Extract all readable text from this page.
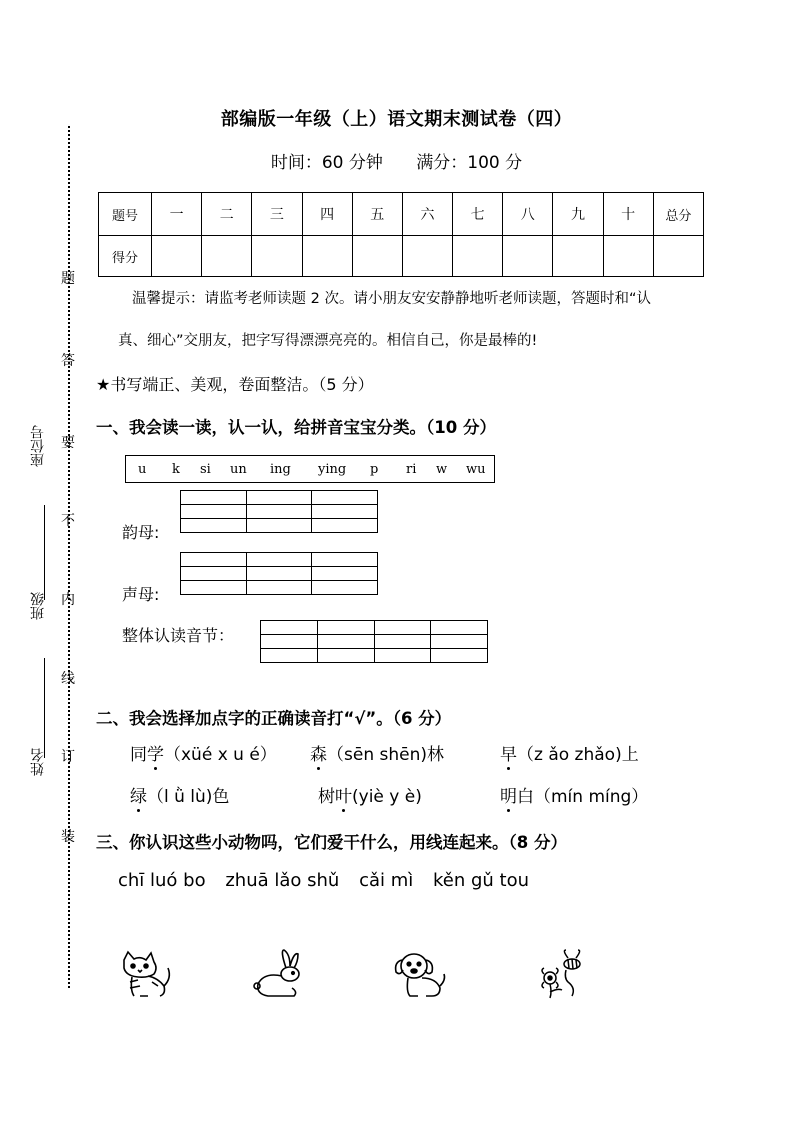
题
答
要
不
内
线
订
装
座位号
班级
姓名
部编版一年级（上）语文期末测试卷（四）
时间：60 分钟 满分：100 分
题号	一	二	三	四	五	六	七	八	九	十	总分
得分											
温馨提示：请监考老师读题 2 次。请小朋友安安静静地听老师读题，答题时和“认
真、细心”交朋友，把字写得漂漂亮亮的。相信自己，你是最棒的!
★书写端正、美观，卷面整洁。（5 分）
一、我会读一读，认一认，给拼音宝宝分类。（10 分）
u k si un ing ying p ri w wu

韵母:

声母:
整体认读音节：

二、我会选择加点字的正确读音打“√”。（6 分）
同学（xüé x u é） 森（sēn shēn)林	早（z ǎo zhǎo)上
绿（l ǜ lù)色	树叶(yiè y è)	明白（mín míng）
三、你认识这些小动物吗，它们爱干什么，用线连起来。（8 分）
chī luó bo zhuā lǎo shǔ cǎi mì kěn gǔ tou
